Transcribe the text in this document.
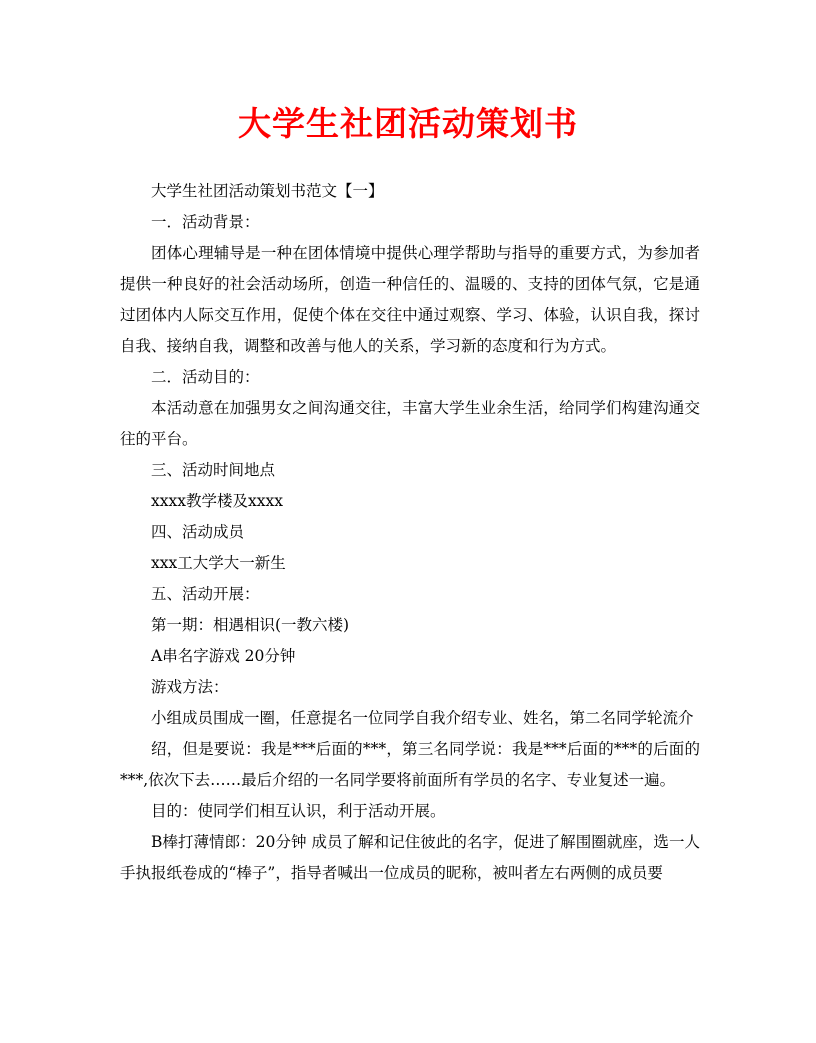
大学生社团活动策划书

大学生社团活动策划书范文【一】

一．活动背景：

团体心理辅导是一种在团体情境中提供心理学帮助与指导的重要方式，为参加者提供一种良好的社会活动场所，创造一种信任的、温暖的、支持的团体气氛，它是通过团体内人际交互作用，促使个体在交往中通过观察、学习、体验，认识自我，探讨自我、接纳自我，调整和改善与他人的关系，学习新的态度和行为方式。

二．活动目的：

本活动意在加强男女之间沟通交往，丰富大学生业余生活，给同学们构建沟通交往的平台。

三、活动时间地点

xxxx教学楼及xxxx

四、活动成员

xxx工大学大一新生

五、活动开展：

第一期：相遇相识(一教六楼)

A串名字游戏 20分钟

游戏方法：

小组成员围成一圈，任意提名一位同学自我介绍专业、姓名，第二名同学轮流介

绍，但是要说：我是***后面的***，第三名同学说：我是***后面的***的后面的***,依次下去……最后介绍的一名同学要将前面所有学员的名字、专业复述一遍。

目的：使同学们相互认识，利于活动开展。

B棒打薄情郎：20分钟 成员了解和记住彼此的名字，促进了解围圈就座，选一人手执报纸卷成的“棒子”，指导者喊出一位成员的昵称，被叫者左右两侧的成员要
